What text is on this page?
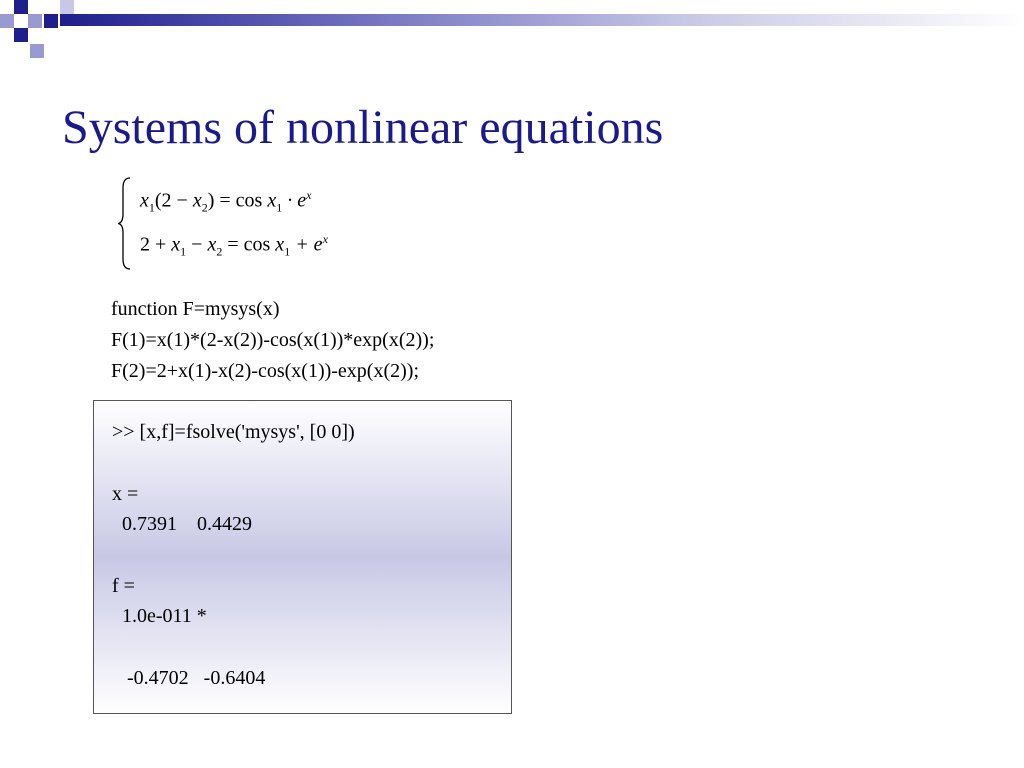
Systems of nonlinear equations
$x_1(2 - x_2) = \cos x_1 \cdot e^x$
$2 + x_1 - x_2 = \cos x_1 + e^x$
function F=mysys(x)
F(1)=x(1)*(2-x(2))-cos(x(1))*exp(x(2));
F(2)=2+x(1)-x(2)-cos(x(1))-exp(x(2));
>> [x,f]=fsolve('mysys', [0 0])
x =
0.7391    0.4429
f =
1.0e-011 *
-0.4702   -0.6404
